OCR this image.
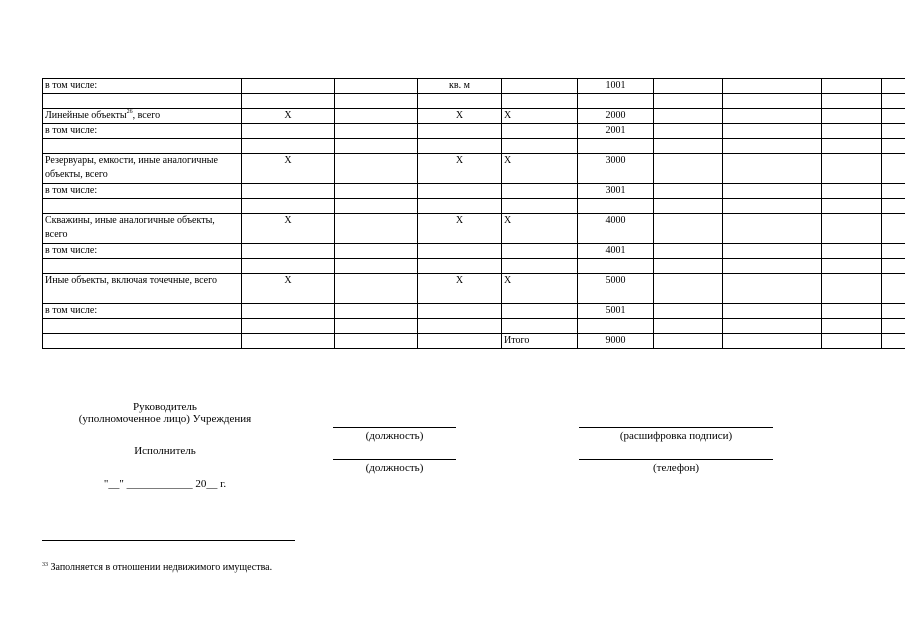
в том числе:			кв. м		1001				

Линейные объекты$^{26}$, всего	Х		Х	Х	2000				
в том числе:					2001				

Резервуары, емкости, иные аналогичные объекты, всего	Х		Х	Х	3000				
в том числе:					3001				

Скважины, иные аналогичные объекты, всего	Х		Х	Х	4000				
в том числе:					4001				

Иные объекты, включая точечные, всего	Х		Х	Х	5000				
в том числе:					5001				

				Итого	9000				
Руководитель
(уполномоченное лицо) Учреждения
(должность)	(расшифровка подписи)
Исполнитель
(должность)	(телефон)
"__" ____________ 20__ г.
$^{33}$ Заполняется в отношении недвижимого имущества.
